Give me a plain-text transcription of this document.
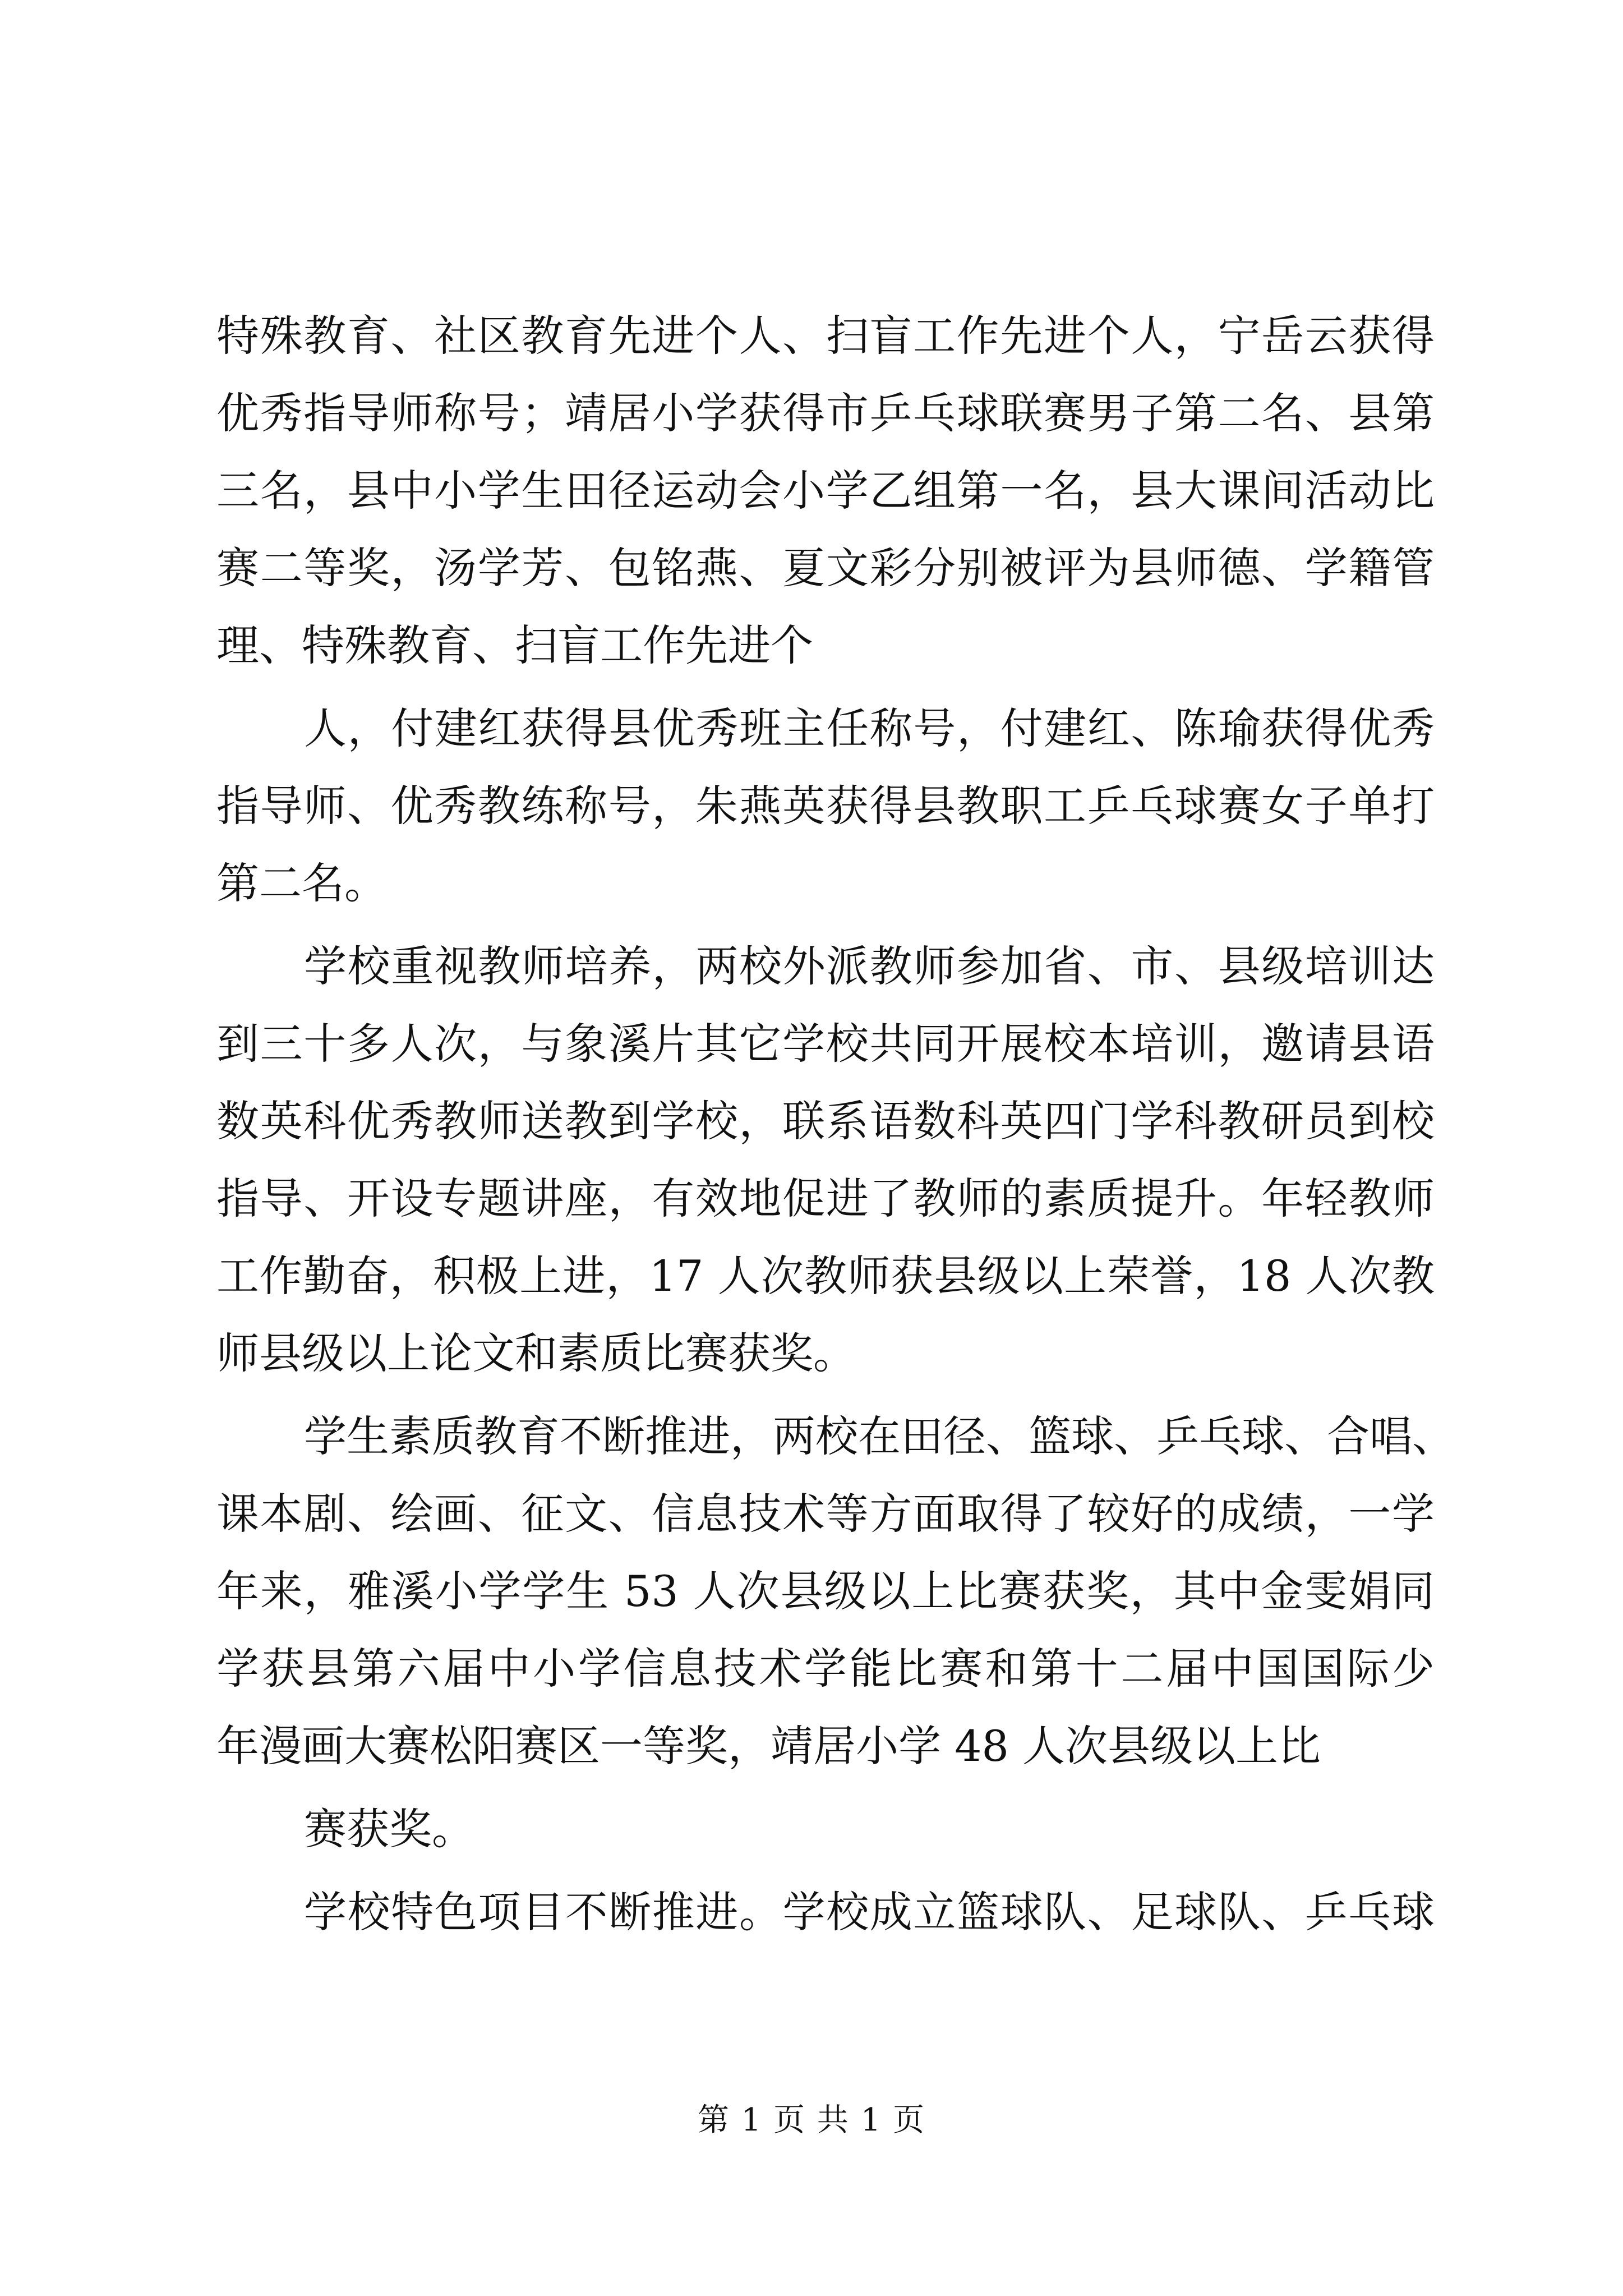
特殊教育、社区教育先进个人、扫盲工作先进个人，宁岳云获得
优秀指导师称号；靖居小学获得市乒乓球联赛男子第二名、县第
三名，县中小学生田径运动会小学乙组第一名，县大课间活动比
赛二等奖，汤学芳、包铭燕、夏文彩分别被评为县师德、学籍管
理、特殊教育、扫盲工作先进个
人，付建红获得县优秀班主任称号，付建红、陈瑜获得优秀
指导师、优秀教练称号，朱燕英获得县教职工乒乓球赛女子单打
第二名。
学校重视教师培养，两校外派教师参加省、市、县级培训达
到三十多人次，与象溪片其它学校共同开展校本培训，邀请县语
数英科优秀教师送教到学校，联系语数科英四门学科教研员到校
指导、开设专题讲座，有效地促进了教师的素质提升。年轻教师
工作勤奋，积极上进，17 人次教师获县级以上荣誉，18 人次教
师县级以上论文和素质比赛获奖。
学生素质教育不断推进，两校在田径、篮球、乒乓球、合唱、
课本剧、绘画、征文、信息技术等方面取得了较好的成绩，一学
年来，雅溪小学学生 53 人次县级以上比赛获奖，其中金雯娟同
学获县第六届中小学信息技术学能比赛和第十二届中国国际少
年漫画大赛松阳赛区一等奖，靖居小学 48 人次县级以上比
赛获奖。
学校特色项目不断推进。学校成立篮球队、足球队、乒乓球
第 1 页 共 1 页
